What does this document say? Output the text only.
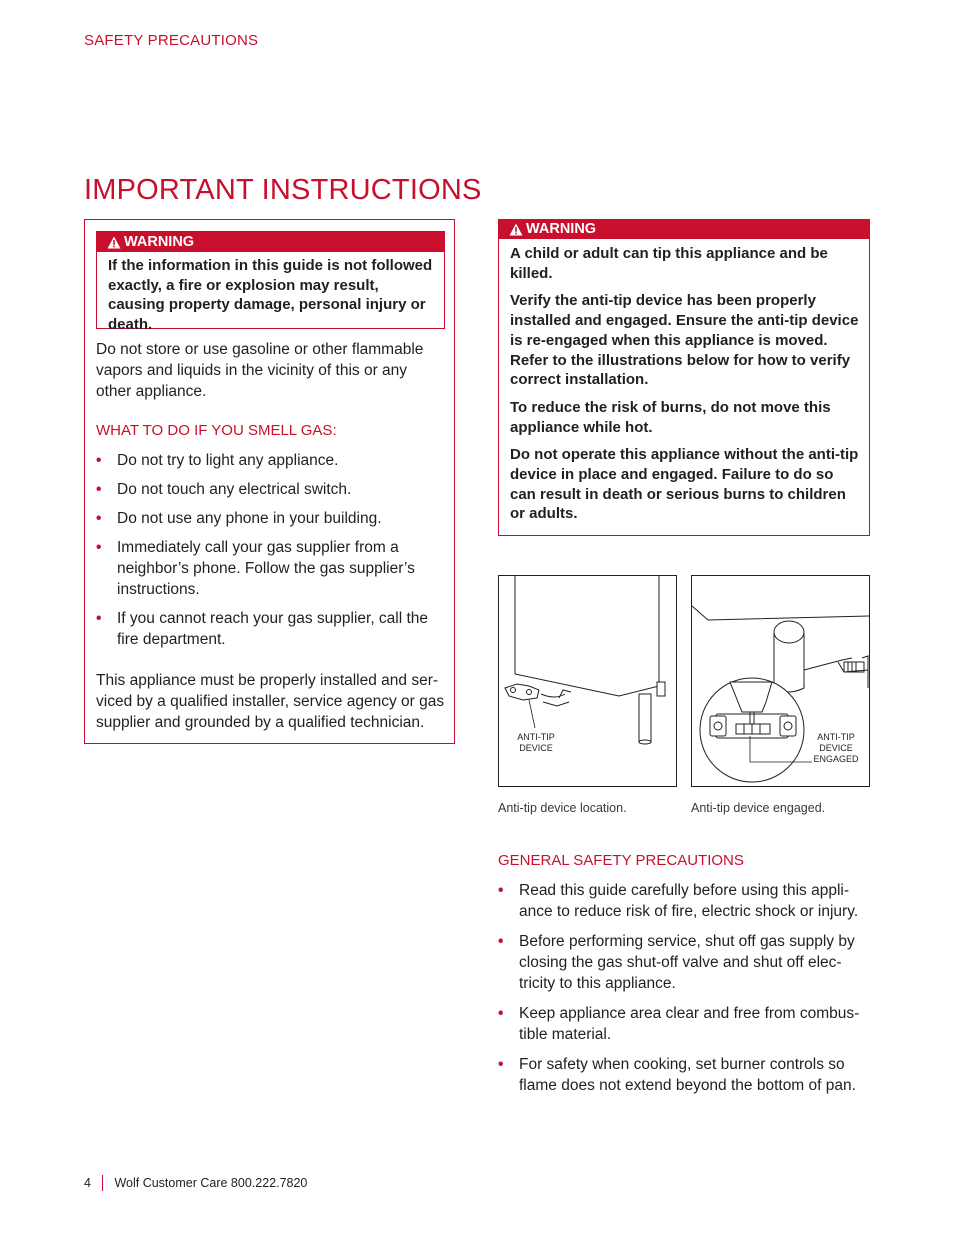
SAFETY PRECAUTIONS
IMPORTANT INSTRUCTIONS
WARNING
If the information in this guide is not followed exactly, a fire or explosion may result, causing property damage, personal injury or death.
Do not store or use gasoline or other flammable vapors and liquids in the vicinity of this or any other appliance.
WHAT TO DO IF YOU SMELL GAS:
• Do not try to light any appliance.
• Do not touch any electrical switch.
• Do not use any phone in your building.
• Immediately call your gas supplier from a neighbor’s phone. Follow the gas supplier’s instructions.
• If you cannot reach your gas supplier, call the fire department.
This appliance must be properly installed and serviced by a qualified installer, service agency or gas supplier and grounded by a qualified technician.
WARNING

A child or adult can tip this appliance and be killed.

Verify the anti-tip device has been properly installed and engaged. Ensure the anti-tip device is re-engaged when this appliance is moved. Refer to the illustrations below for how to verify correct installation.

To reduce the risk of burns, do not move this appliance while hot.

Do not operate this appliance without the anti-tip device in place and engaged. Failure to do so can result in death or serious burns to children or adults.

ANTI-TIP
DEVICE
ANTI-TIP
DEVICE
ENGAGED
Anti-tip device location.	Anti-tip device engaged.
GENERAL SAFETY PRECAUTIONS
• Read this guide carefully before using this appliance to reduce risk of fire, electric shock or injury.
• Before performing service, shut off gas supply by closing the gas shut-off valve and shut off electricity to this appliance.
• Keep appliance area clear and free from combustible material.
• For safety when cooking, set burner controls so flame does not extend beyond the bottom of pan.
4 Wolf Customer Care 800.222.7820
